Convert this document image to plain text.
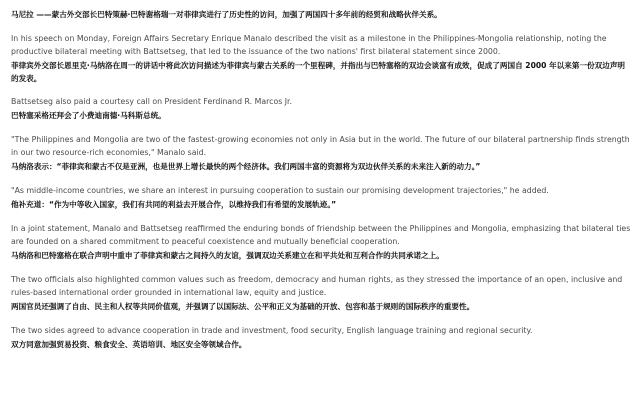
马尼拉 ——蒙古外交部长巴特策赫·巴特谢格瑞一对菲律宾进行了历史性的访问，加强了两国四十多年前的经贸和战略伙伴关系。

In his speech on Monday, Foreign Affairs Secretary Enrique Manalo described the visit as a milestone in the Philippines-Mongolia relationship, noting the productive bilateral meeting with Battsetseg, that led to the issuance of the two nations' first bilateral statement since 2000.

菲律宾外交部长恩里克·马纳洛在周一的讲话中将此次访问描述为菲律宾与蒙古关系的一个里程碑，并指出与巴特塞格的双边会谈富有成效，促成了两国自 2000 年以来第一份双边声明的发表。

Battsetseg also paid a courtesy call on President Ferdinand R. Marcos Jr.

巴特塞采格还拜会了小费迪南德·马科斯总统。

"The Philippines and Mongolia are two of the fastest-growing economies not only in Asia but in the world. The future of our bilateral partnership finds strength in our two resource-rich economies," Manalo said.

马纳洛表示：“菲律宾和蒙古不仅是亚洲，也是世界上增长最快的两个经济体。我们两国丰富的资源将为双边伙伴关系的未来注入新的动力。”

"As middle-income countries, we share an interest in pursuing cooperation to sustain our promising development trajectories," he added.

他补充道：“作为中等收入国家，我们有共同的利益去开展合作，以维持我们有希望的发展轨迹。”

In a joint statement, Manalo and Battsetseg reaffirmed the enduring bonds of friendship between the Philippines and Mongolia, emphasizing that bilateral ties are founded on a shared commitment to peaceful coexistence and mutually beneficial cooperation.

马纳洛和巴特塞格在联合声明中重申了菲律宾和蒙古之间持久的友谊，强调双边关系建立在和平共处和互利合作的共同承诺之上。

The two officials also highlighted common values such as freedom, democracy and human rights, as they stressed the importance of an open, inclusive and rules-based international order grounded in international law, equity and justice.

两国官员还强调了自由、民主和人权等共同价值观，并强调了以国际法、公平和正义为基础的开放、包容和基于规则的国际秩序的重要性。

The two sides agreed to advance cooperation in trade and investment, food security, English language training and regional security.

双方同意加强贸易投资、粮食安全、英语培训、地区安全等领域合作。
